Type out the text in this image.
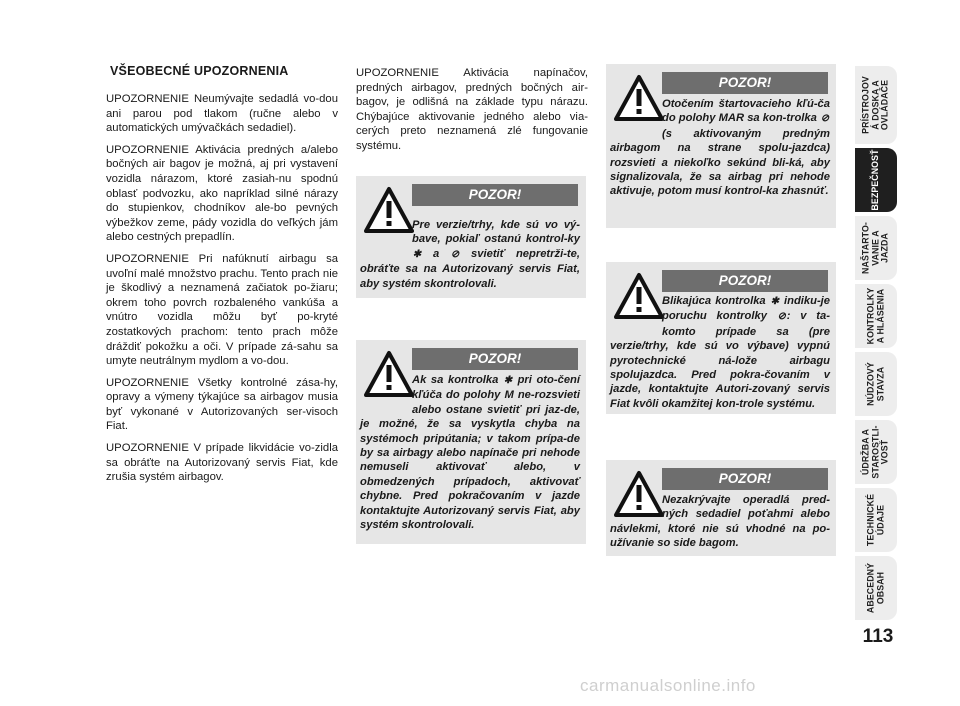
VŠEOBECNÉ UPOZORNENIA

UPOZORNENIE Neumývajte sedadlá vo-dou ani parou pod tlakom (ručne alebo v automatických umývačkách sedadiel).

UPOZORNENIE Aktivácia predných a/alebo bočných air bagov je možná, aj pri vystavení vozidla nárazom, ktoré zasiah-nu spodnú oblasť podvozku, ako napríklad silné nárazy do stupienkov, chodníkov ale-bo pevných výbežkov zeme, pády vozidla do veľkých jám alebo cestných prepadlín.

UPOZORNENIE Pri nafúknutí airbagu sa uvoľní malé množstvo prachu. Tento prach nie je škodlivý a neznamená začiatok po-žiaru; okrem toho povrch rozbaleného vankúša a vnútro vozidla môžu byť po-kryté zostatkových prachom: tento prach môže dráždiť pokožku a oči. V prípade zá-sahu sa umyte neutrálnym mydlom a vo-dou.

UPOZORNENIE Všetky kontrolné zása-hy, opravy a výmeny týkajúce sa airbagov musia byť vykonané v Autorizovaných ser-visoch Fiat.

UPOZORNENIE V prípade likvidácie vo-zidla sa obráťte na Autorizovaný servis Fiat, kde zrušia systém airbagov.

UPOZORNENIE Aktivácia napínačov, predných airbagov, predných bočných air-bagov, je odlišná na základe typu nárazu. Chýbajúce aktivovanie jedného alebo via-cerých preto neznamená zlé fungovanie systému.

POZOR!
Pre verzie/trhy, kde sú vo vý-bave, pokiaľ ostanú kontrol-ky ✱ a ⊘ svietiť nepretrži-te, obráťte sa na Autorizovaný servis Fiat, aby systém skontrolovali.
POZOR!
Ak sa kontrolka ✱ pri oto-čení kľúča do polohy M ne-rozsvieti alebo ostane svietiť pri jaz-de, je možné, že sa vyskytla chyba na systémoch pripútania; v takom prípa-de by sa airbagy alebo napínače pri nehode nemuseli aktivovať alebo, v obmedzených prípadoch, aktivovať chybne. Pred pokračovaním v jazde kontaktujte Autorizovaný servis Fiat, aby systém skontrolovali.
POZOR!
Otočením štartovacieho kľú-ča do polohy MAR sa kon-trolka ⊘ (s aktivovaným predným airbagom na strane spolu-jazdca) rozsvieti a niekoľko sekúnd bli-ká, aby signalizovala, že sa airbag pri nehode aktivuje, potom musí kontrol-ka zhasnúť.
POZOR!
Blikajúca kontrolka ✱ indiku-je poruchu kontrolky ⊘: v ta-komto prípade sa (pre verzie/trhy, kde sú vo výbave) vypnú pyrotechnické ná-lože airbagu spolujazdca. Pred pokra-čovaním v jazde, kontaktujte Autori-zovaný servis Fiat kvôli okamžitej kon-trole systému.
POZOR!
Nezakrývajte operadlá pred-ných sedadiel poťahmi alebo návlekmi, ktoré nie sú vhodné na po-užívanie so side bagom.
PRÍSTROJOV
Á DOSKA A
OVLÁDAČE
BEZPEČNOSŤ
NAŠTARTO-
VANIE A
JAZDA
KONTROLKY
A HLÁSENIA
NÚDZOVÝ
STAVZA
ÚDRŽBA A
STAROSTLI-
VOSŤ
TECHNICKÉ
ÚDAJE
ABECEDNÝ
OBSAH
113
carmanualsonline.info
